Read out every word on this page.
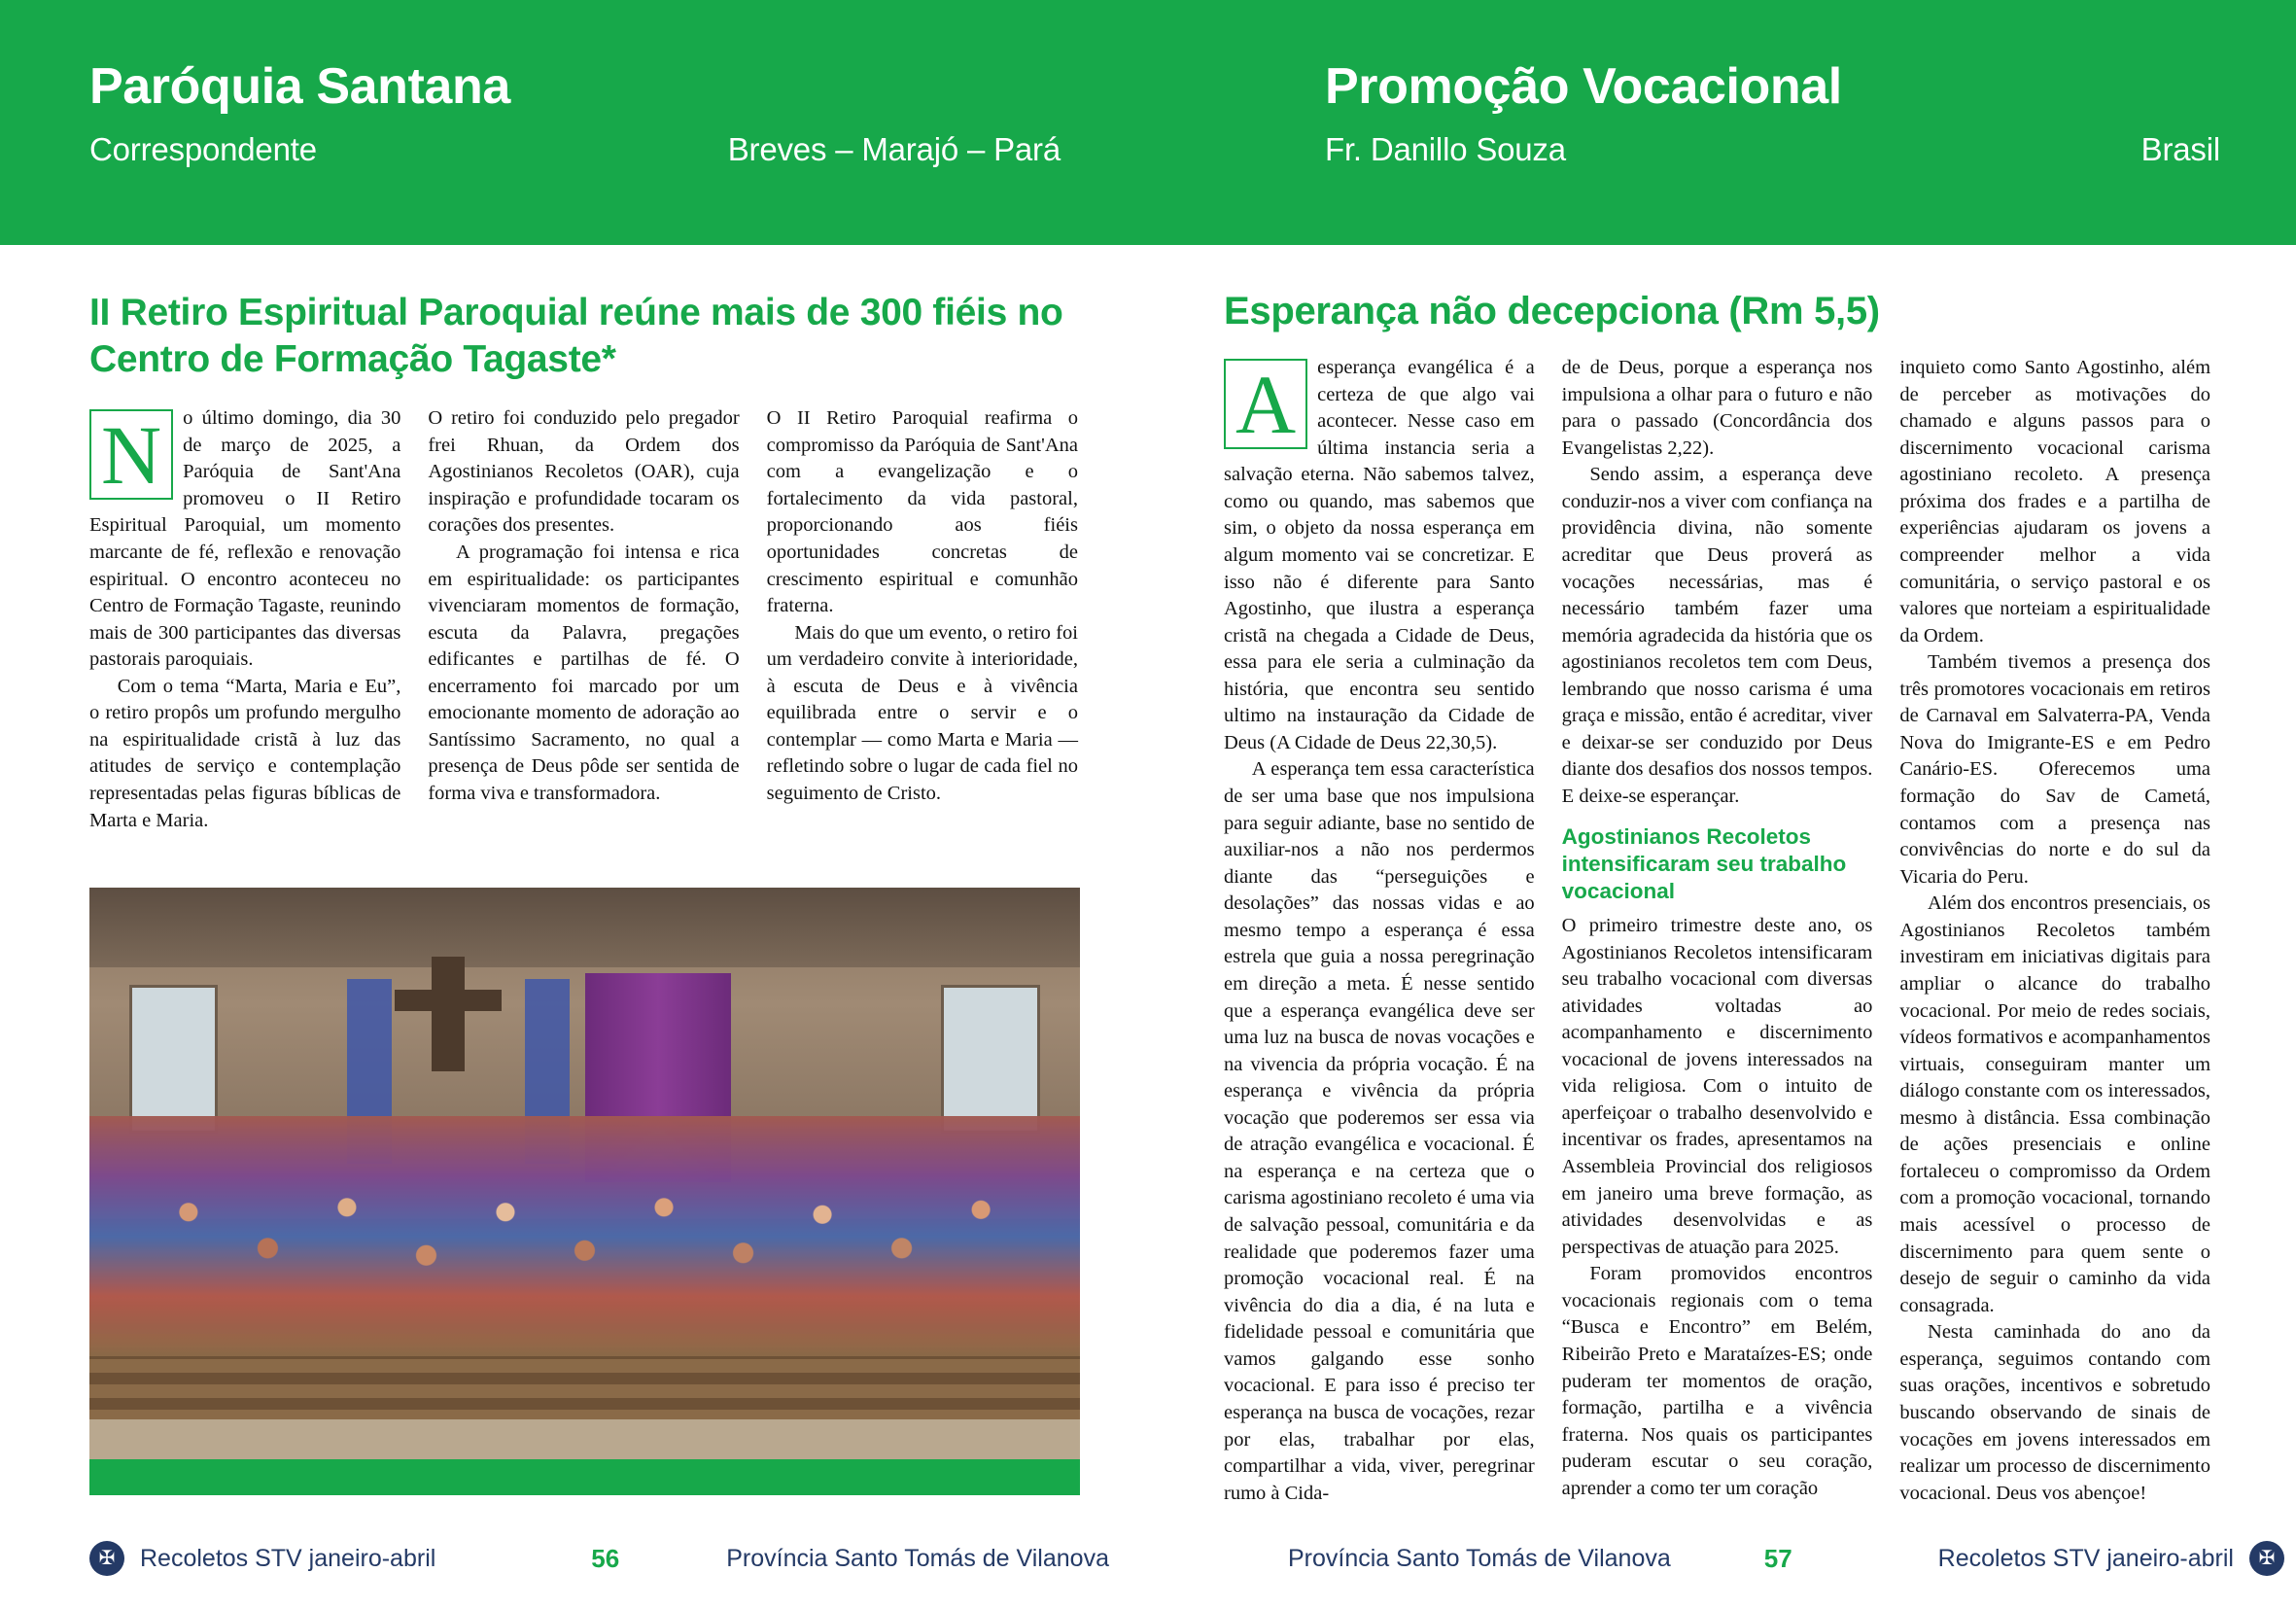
Paróquia Santana
Correspondente	Breves – Marajó – Pará
Promoção Vocacional
Fr. Danillo Souza	Brasil
II Retiro Espiritual Paroquial reúne mais de 300 fiéis no Centro de Formação Tagaste*
N	o último domingo, dia 30 de março de 2025, a Paróquia de Sant'Ana promoveu o II Retiro Espiritual Paroquial, um momento marcante de fé, reflexão e renovação espiritual. O encontro aconteceu no Centro de Formação Tagaste, reunindo mais de 300 participantes das diversas pastorais paroquiais.

Com o tema “Marta, Maria e Eu”, o retiro propôs um profundo mergulho na espiritualidade cristã à luz das atitudes de serviço e contemplação representadas pelas figuras bíblicas de Marta e Maria.

O retiro foi conduzido pelo pregador frei Rhuan, da Ordem dos Agostinianos Recoletos (OAR), cuja inspiração e profundidade tocaram os corações dos presentes.

A programação foi intensa e rica em espiritualidade: os participantes vivenciaram momentos de formação, escuta da Palavra, pregações edificantes e partilhas de fé. O encerramento foi marcado por um emocionante momento de adoração ao Santíssimo Sacramento, no qual a presença de Deus pôde ser sentida de forma viva e transformadora.

O II Retiro Paroquial reafirma o compromisso da Paróquia de Sant'Ana com a evangelização e o fortalecimento da vida pastoral, proporcionando aos fiéis oportunidades concretas de crescimento espiritual e comunhão fraterna.

Mais do que um evento, o retiro foi um verdadeiro convite à interioridade, à escuta de Deus e à vivência equilibrada entre o servir e o contemplar — como Marta e Maria — refletindo sobre o lugar de cada fiel no seguimento de Cristo.

Esperança não decepciona (Rm 5,5)
A	esperança evangélica é a certeza de que algo vai acontecer. Nesse caso em última instancia seria a salvação eterna. Não sabemos talvez, como ou quando, mas sabemos que sim, o objeto da nossa esperança em algum momento vai se concretizar. E isso não é diferente para Santo Agostinho, que ilustra a esperança cristã na chegada a Cidade de Deus, essa para ele seria a culminação da história, que encontra seu sentido ultimo na instauração da Cidade de Deus (A Cidade de Deus 22,30,5).

A esperança tem essa característica de ser uma base que nos impulsiona para seguir adiante, base no sentido de auxiliar-nos a não nos perdermos diante das “perseguições e desolações” das nossas vidas e ao mesmo tempo a esperança é essa estrela que guia a nossa peregrinação em direção a meta. É nesse sentido que a esperança evangélica deve ser uma luz na busca de novas vocações e na vivencia da própria vocação. É na esperança e vivência da própria vocação que poderemos ser essa via de atração evangélica e vocacional. É na esperança e na certeza que o carisma agostiniano recoleto é uma via de salvação pessoal, comunitária e da realidade que poderemos fazer uma promoção vocacional real. É na vivência do dia a dia, é na luta e fidelidade pessoal e comunitária que vamos galgando esse sonho vocacional. E para isso é preciso ter esperança na busca de vocações, rezar por elas, trabalhar por elas, compartilhar a vida, viver, peregrinar rumo à Cida-

de de Deus, porque a esperança nos impulsiona a olhar para o futuro e não para o passado (Concordância dos Evangelistas 2,22).

Sendo assim, a esperança deve conduzir-nos a viver com confiança na providência divina, não somente acreditar que Deus proverá as vocações necessárias, mas é necessário também fazer uma memória agradecida da história que os agostinianos recoletos tem com Deus, lembrando que nosso carisma é uma graça e missão, então é acreditar, viver e deixar-se ser conduzido por Deus diante dos desafios dos nossos tempos. E deixe-se esperançar.

Agostinianos Recoletos intensificaram seu trabalho vocacional

O primeiro trimestre deste ano, os Agostinianos Recoletos intensificaram seu trabalho vocacional com diversas atividades voltadas ao acompanhamento e discernimento vocacional de jovens interessados na vida religiosa. Com o intuito de aperfeiçoar o trabalho desenvolvido e incentivar os frades, apresentamos na Assembleia Provincial dos religiosos em janeiro uma breve formação, as atividades desenvolvidas e as perspectivas de atuação para 2025.

Foram promovidos encontros vocacionais regionais com o tema “Busca e Encontro” em Belém, Ribeirão Preto e Marataízes-ES; onde puderam ter momentos de oração, formação, partilha e a vivência fraterna. Nos quais os participantes puderam escutar o seu coração, aprender a como ter um coração

inquieto como Santo Agostinho, além de perceber as motivações do chamado e alguns passos para o discernimento vocacional carisma agostiniano recoleto. A presença próxima dos frades e a partilha de experiências ajudaram os jovens a compreender melhor a vida comunitária, o serviço pastoral e os valores que norteiam a espiritualidade da Ordem.

Também tivemos a presença dos três promotores vocacionais em retiros de Carnaval em Salvaterra-PA, Venda Nova do Imigrante-ES e em Pedro Canário-ES. Oferecemos uma formação do Sav de Cametá, contamos com a presença nas convivências do norte e do sul da Vicaria do Peru.

Além dos encontros presenciais, os Agostinianos Recoletos também investiram em iniciativas digitais para ampliar o alcance do trabalho vocacional. Por meio de redes sociais, vídeos formativos e acompanhamentos virtuais, conseguiram manter um diálogo constante com os interessados, mesmo à distância. Essa combinação de ações presenciais e online fortaleceu o compromisso da Ordem com a promoção vocacional, tornando mais acessível o processo de discernimento para quem sente o desejo de seguir o caminho da vida consagrada.

Nesta caminhada do ano da esperança, seguimos contando com suas orações, incentivos e sobretudo buscando observando de sinais de vocações em jovens interessados em realizar um processo de discernimento vocacional. Deus vos abençoe!

✠	Recoletos STV janeiro-abril	56	Província Santo Tomás de Vilanova	Província Santo Tomás de Vilanova	57	Recoletos STV janeiro-abril	✠
